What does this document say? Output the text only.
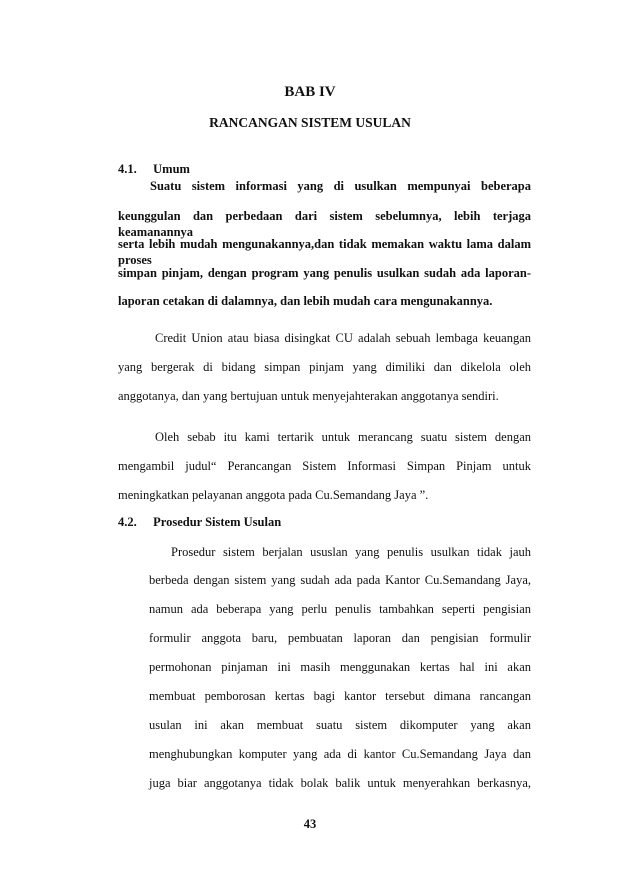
BAB IV
RANCANGAN SISTEM USULAN
4.1. Umum
Suatu sistem informasi yang di usulkan mempunyai beberapa
keunggulan dan perbedaan dari sistem sebelumnya, lebih terjaga keamanannya
serta lebih mudah mengunakannya,dan tidak memakan waktu lama dalam proses
simpan pinjam, dengan program yang penulis usulkan sudah ada laporan-
laporan cetakan di dalamnya, dan lebih mudah cara mengunakannya.
Credit Union atau biasa disingkat CU adalah sebuah lembaga keuangan
yang bergerak di bidang simpan pinjam yang dimiliki dan dikelola oleh
anggotanya, dan yang bertujuan untuk menyejahterakan anggotanya sendiri.
Oleh sebab itu kami tertarik untuk merancang suatu sistem dengan
mengambil judul“ Perancangan Sistem Informasi Simpan Pinjam untuk
meningkatkan pelayanan anggota pada Cu.Semandang Jaya ”.
4.2. Prosedur Sistem Usulan
Prosedur sistem berjalan ususlan yang penulis usulkan tidak jauh
berbeda dengan sistem yang sudah ada pada Kantor Cu.Semandang Jaya,
namun ada beberapa yang perlu penulis tambahkan seperti pengisian
formulir anggota baru, pembuatan laporan dan pengisian formulir
permohonan pinjaman ini masih menggunakan kertas hal ini akan
membuat pemborosan kertas bagi kantor tersebut dimana rancangan
usulan ini akan membuat suatu sistem dikomputer yang akan
menghubungkan komputer yang ada di kantor Cu.Semandang Jaya dan
juga biar anggotanya tidak bolak balik untuk menyerahkan berkasnya,
43
